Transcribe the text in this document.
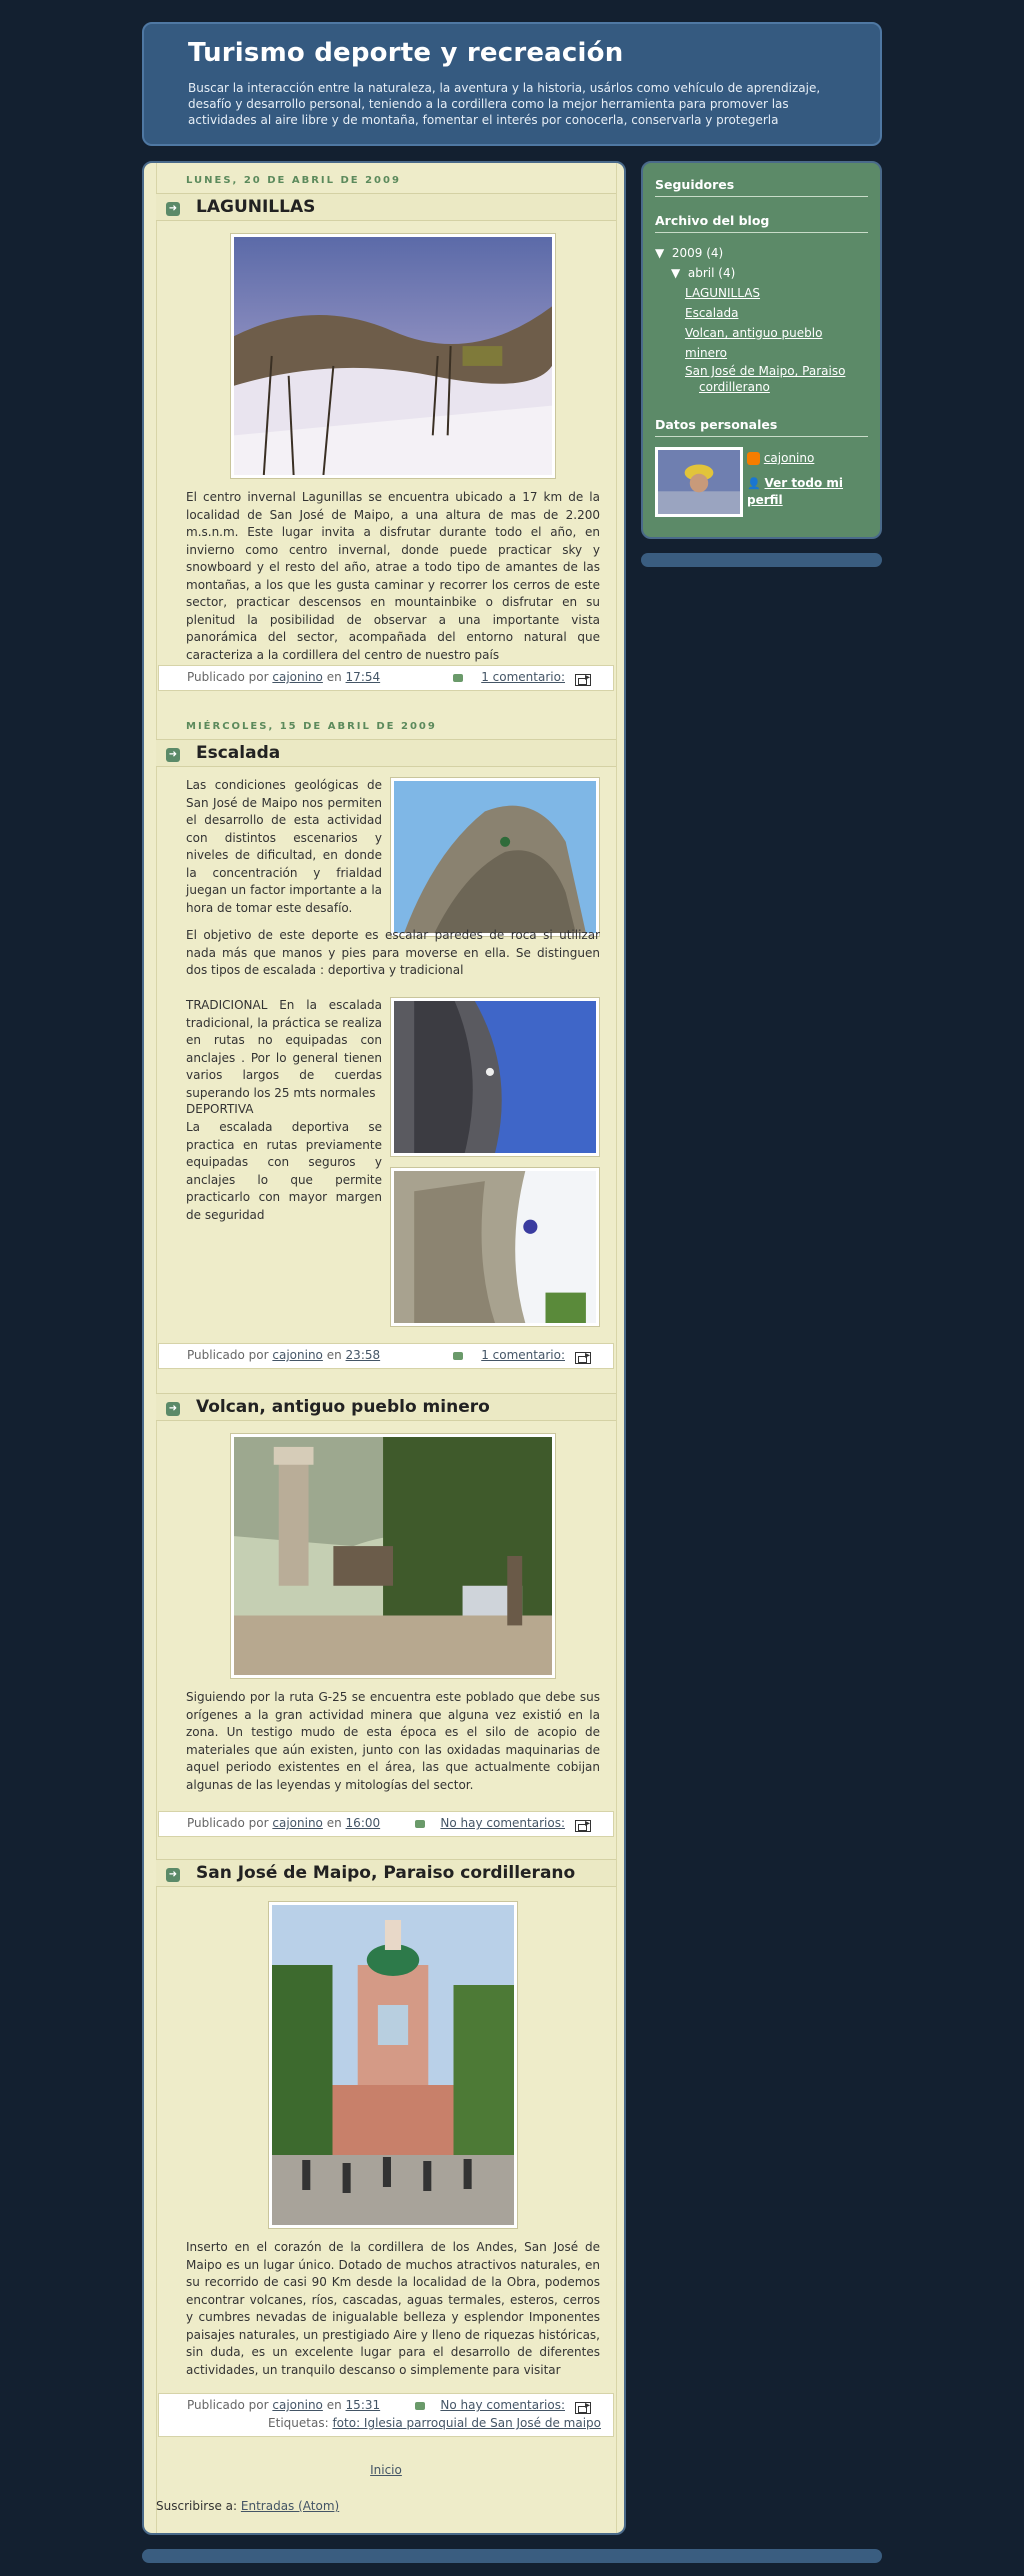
Turismo deporte y recreación

Buscar la interacción entre la naturaleza, la aventura y la historia, usárlos como vehículo de aprendizaje, desafío y desarrollo personal, teniendo a la cordillera como la mejor herramienta para promover las actividades al aire libre y de montaña, fomentar el interés por conocerla, conservarla y protegerla

LUNES, 20 DE ABRIL DE 2009
➜ LAGUNILLAS
El centro invernal Lagunillas se encuentra ubicado a 17 km de la localidad de San José de Maipo, a una altura de mas de 2.200 m.s.n.m. Este lugar invita a disfrutar durante todo el año, en invierno como centro invernal, donde puede practicar sky y snowboard y el resto del año, atrae a todo tipo de amantes de las montañas, a los que les gusta caminar y recorrer los cerros de este sector, practicar descensos en mountainbike o disfrutar en su plenitud la posibilidad de observar a una importante vista panorámica del sector, acompañada del entorno natural que caracteriza a la cordillera del centro de nuestro país
Publicado por cajonino en 17:54	1 comentario:
▸
MIÉRCOLES, 15 DE ABRIL DE 2009
➜ Escalada
Las condiciones geológicas de San José de Maipo nos permiten el desarrollo de esta actividad con distintos escenarios y niveles de dificultad, en donde la concentración y frialdad juegan un factor importante a la hora de tomar este desafío.
El objetivo de este deporte es escalar paredes de roca si utilizar nada más que manos y pies para moverse en ella. Se distinguen dos tipos de escalada : deportiva y tradicional
TRADICIONAL En la escalada tradicional, la práctica se realiza en rutas no equipadas con anclajes . Por lo general tienen varios largos de cuerdas superando los 25 mts normales
DEPORTIVA
La escalada deportiva se practica en rutas previamente equipadas con seguros y anclajes lo que permite practicarlo con mayor margen de seguridad
Publicado por cajonino en 23:58	1 comentario:
▸
➜ Volcan, antiguo pueblo minero
Siguiendo por la ruta G-25 se encuentra este poblado que debe sus orígenes a la gran actividad minera que alguna vez existió en la zona. Un testigo mudo de esta época es el silo de acopio de materiales que aún existen, junto con las oxidadas maquinarias de aquel periodo existentes en el área, las que actualmente cobijan algunas de las leyendas y mitologías del sector.
Publicado por cajonino en 16:00	No hay comentarios:
▸
➜ San José de Maipo, Paraiso cordillerano
Inserto en el corazón de la cordillera de los Andes, San José de Maipo es un lugar único. Dotado de muchos atractivos naturales, en su recorrido de casi 90 Km desde la localidad de la Obra, podemos encontrar volcanes, ríos, cascadas, aguas termales, esteros, cerros y cumbres nevadas de inigualable belleza y esplendor Imponentes paisajes naturales, un prestigiado Aire y lleno de riquezas históricas, sin duda, es un excelente lugar para el desarrollo de diferentes actividades, un tranquilo descanso o simplemente para visitar
Publicado por cajonino en 15:31	No hay comentarios:
▸
Etiquetas: foto: Iglesia parroquial de San José de maipo
Inicio
Suscribirse a: Entradas (Atom)
Seguidores
Archivo del blog
▼ 2009 (4)
▼ abril (4)
LAGUNILLAS
Escalada
Volcan, antiguo pueblo minero
San José de Maipo, Paraiso cordillerano
Datos personales
cajonino
👤 Ver todo mi perfil
